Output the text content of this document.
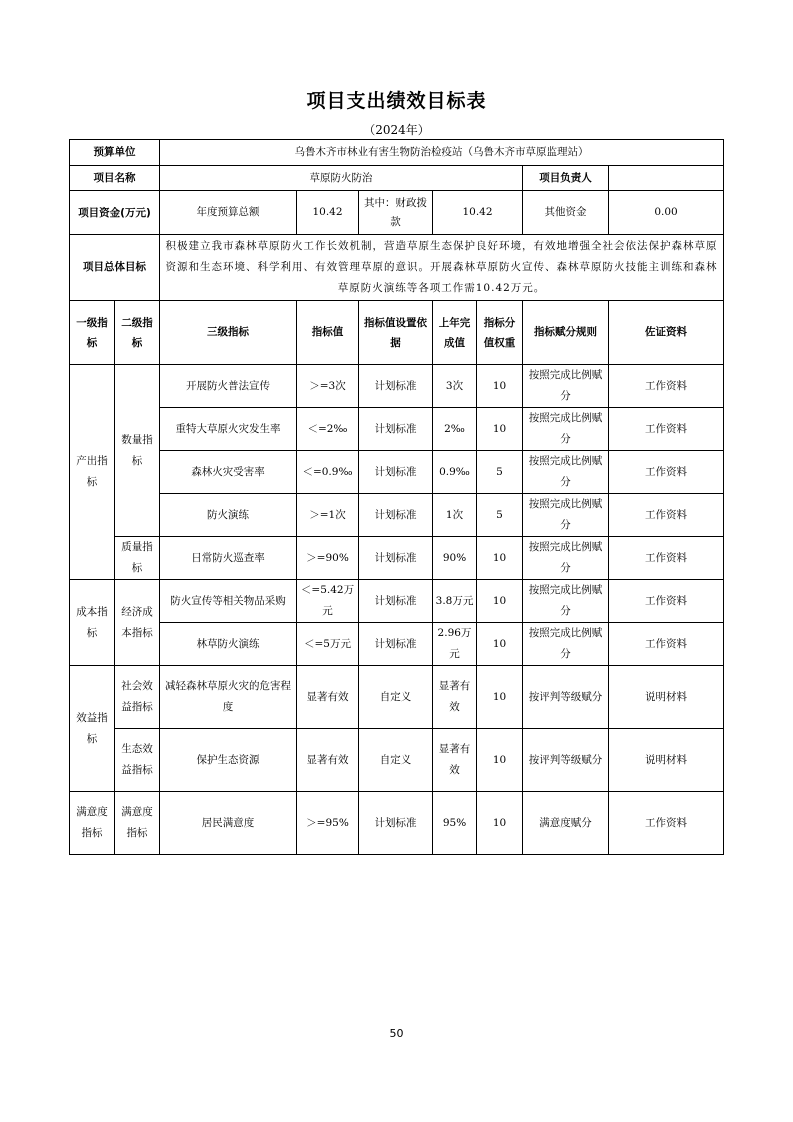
项目支出绩效目标表
（2024年）
预算单位		乌鲁木齐市林业有害生物防治检疫站（乌鲁木齐市草原监理站）						
项目名称		草原防火防治					项目负责人	
项目资金(万元)		年度预算总额	10.42	其中：财政拨款	10.42		其他资金	0.00
项目总体目标		积极建立我市森林草原防火工作长效机制，营造草原生态保护良好环境，有效地增强全社会依法保护森林草原资源和生态环境、科学利用、有效管理草原的意识。开展森林草原防火宣传、森林草原防火技能主训练和森林草原防火演练等各项工作需10.42万元。						
一级指标	二级指标	三级指标	指标值	指标值设置依据	上年完成值	指标分值权重	指标赋分规则	佐证资料
产出指标	数量指标	开展防火普法宣传	＞=3次	计划标准	3次	10	按照完成比例赋分	工作资料
		重特大草原火灾发生率	＜=2‰	计划标准	2‰	10	按照完成比例赋分	工作资料
		森林火灾受害率	＜=0.9‰	计划标准	0.9‰	5	按照完成比例赋分	工作资料
		防火演练	＞=1次	计划标准	1次	5	按照完成比例赋分	工作资料
	质量指标	日常防火巡查率	＞=90%	计划标准	90%	10	按照完成比例赋分	工作资料
成本指标	经济成本指标	防火宣传等相关物品采购	＜=5.42万元	计划标准	3.8万元	10	按照完成比例赋分	工作资料
		林草防火演练	＜=5万元	计划标准	2.96万元	10	按照完成比例赋分	工作资料
效益指标	社会效益指标	减轻森林草原火灾的危害程度	显著有效	自定义	显著有效	10	按评判等级赋分	说明材料
	生态效益指标	保护生态资源	显著有效	自定义	显著有效	10	按评判等级赋分	说明材料
满意度指标	满意度指标	居民满意度	＞=95%	计划标准	95%	10	满意度赋分	工作资料
50
